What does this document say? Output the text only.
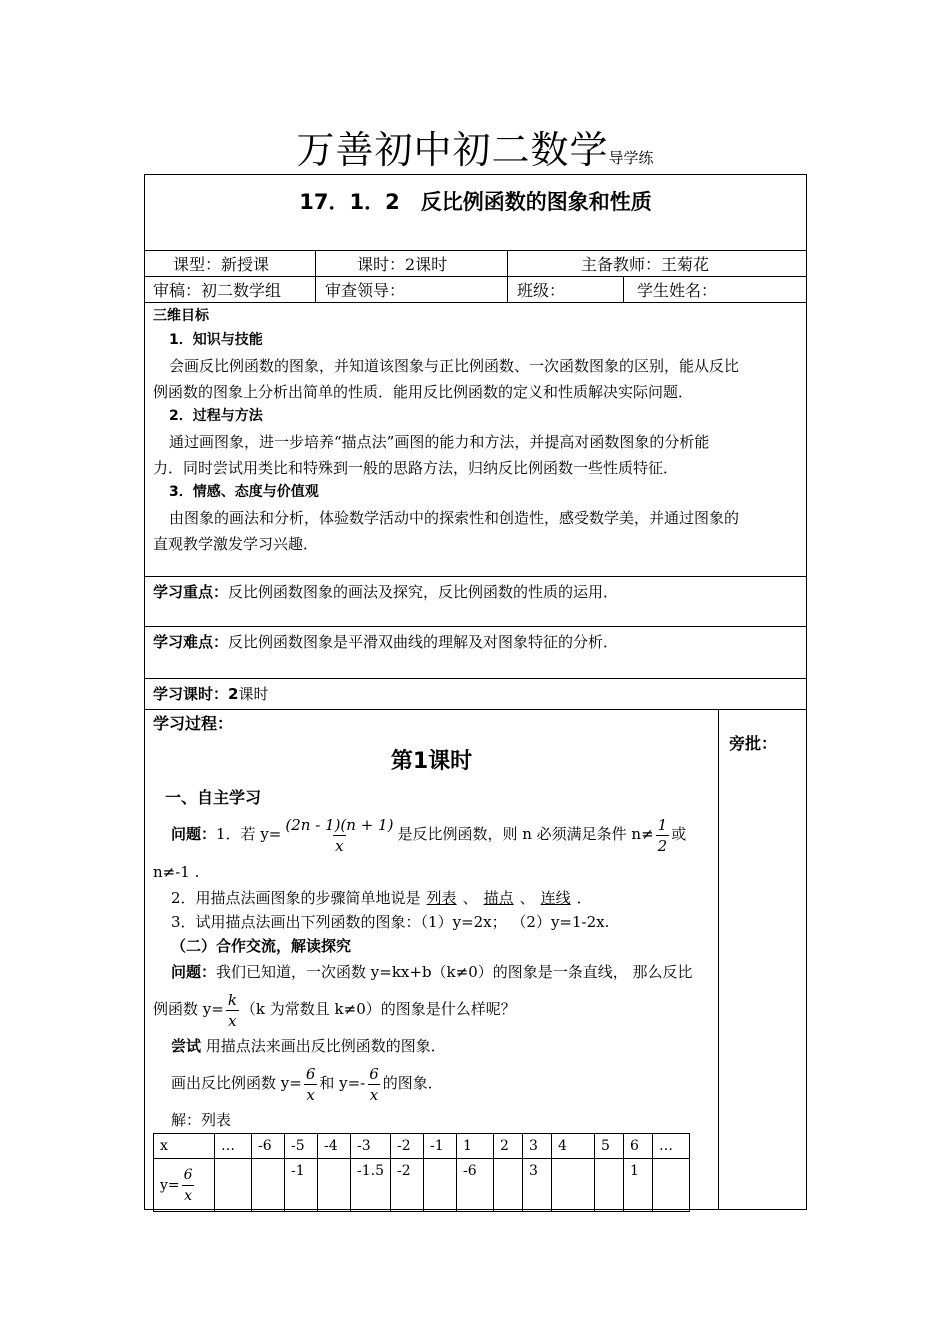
万善初中初二数学导学练
17．1．2　反比例函数的图象和性质
课型：新授课	课时：2课时	主备教师：王菊花
审稿：初二数学组	审查领导：	班级：	学生姓名：
三维目标
1．知识与技能
会画反比例函数的图象，并知道该图象与正比例函数、一次函数图象的区别，能从反比
例函数的图象上分析出简单的性质．能用反比例函数的定义和性质解决实际问题．
2．过程与方法
通过画图象，进一步培养“描点法”画图的能力和方法，并提高对函数图象的分析能
力．同时尝试用类比和特殊到一般的思路方法，归纳反比例函数一些性质特征．
3．情感、态度与价值观
由图象的画法和分析，体验数学活动中的探索性和创造性，感受数学美，并通过图象的
直观教学激发学习兴趣．
学习重点：反比例函数图象的画法及探究，反比例函数的性质的运用．
学习难点：反比例函数图象是平滑双曲线的理解及对图象特征的分析．
学习课时：2课时
学习过程：
旁批：
第1课时
一、自主学习
问题：1．若 $y= \frac{(2n - 1)(n + 1)}{x}$ 是反比例函数，则 n 必须满足条件 $n\ne \frac{1}{2}$ 或
n≠-1 .
2．用描点法画图象的步骤简单地说是 列表 、 描点 、 连线 ．
3．试用描点法画出下列函数的图象：（1）y=2x； （2）y=1-2x.
（二）合作交流，解读探究
问题：我们已知道，一次函数 y=kx+b（k≠0）的图象是一条直线， 那么反比
例函数 $y= \frac{k}{x} (k$ 为常数且 k≠0）的图象是什么样呢？
尝试 用描点法来画出反比例函数的图象．
画出反比例函数 $y= \frac{6}{x}$ 和 $y=- \frac{6}{x}$ 的图象．
解：列表
x	…	-6	-5	-4	-3	-2	-1	1	2	3	4	5	6	…
$y= \frac{6}{x}$			-1		-1.5	-2		-6		3			1	
